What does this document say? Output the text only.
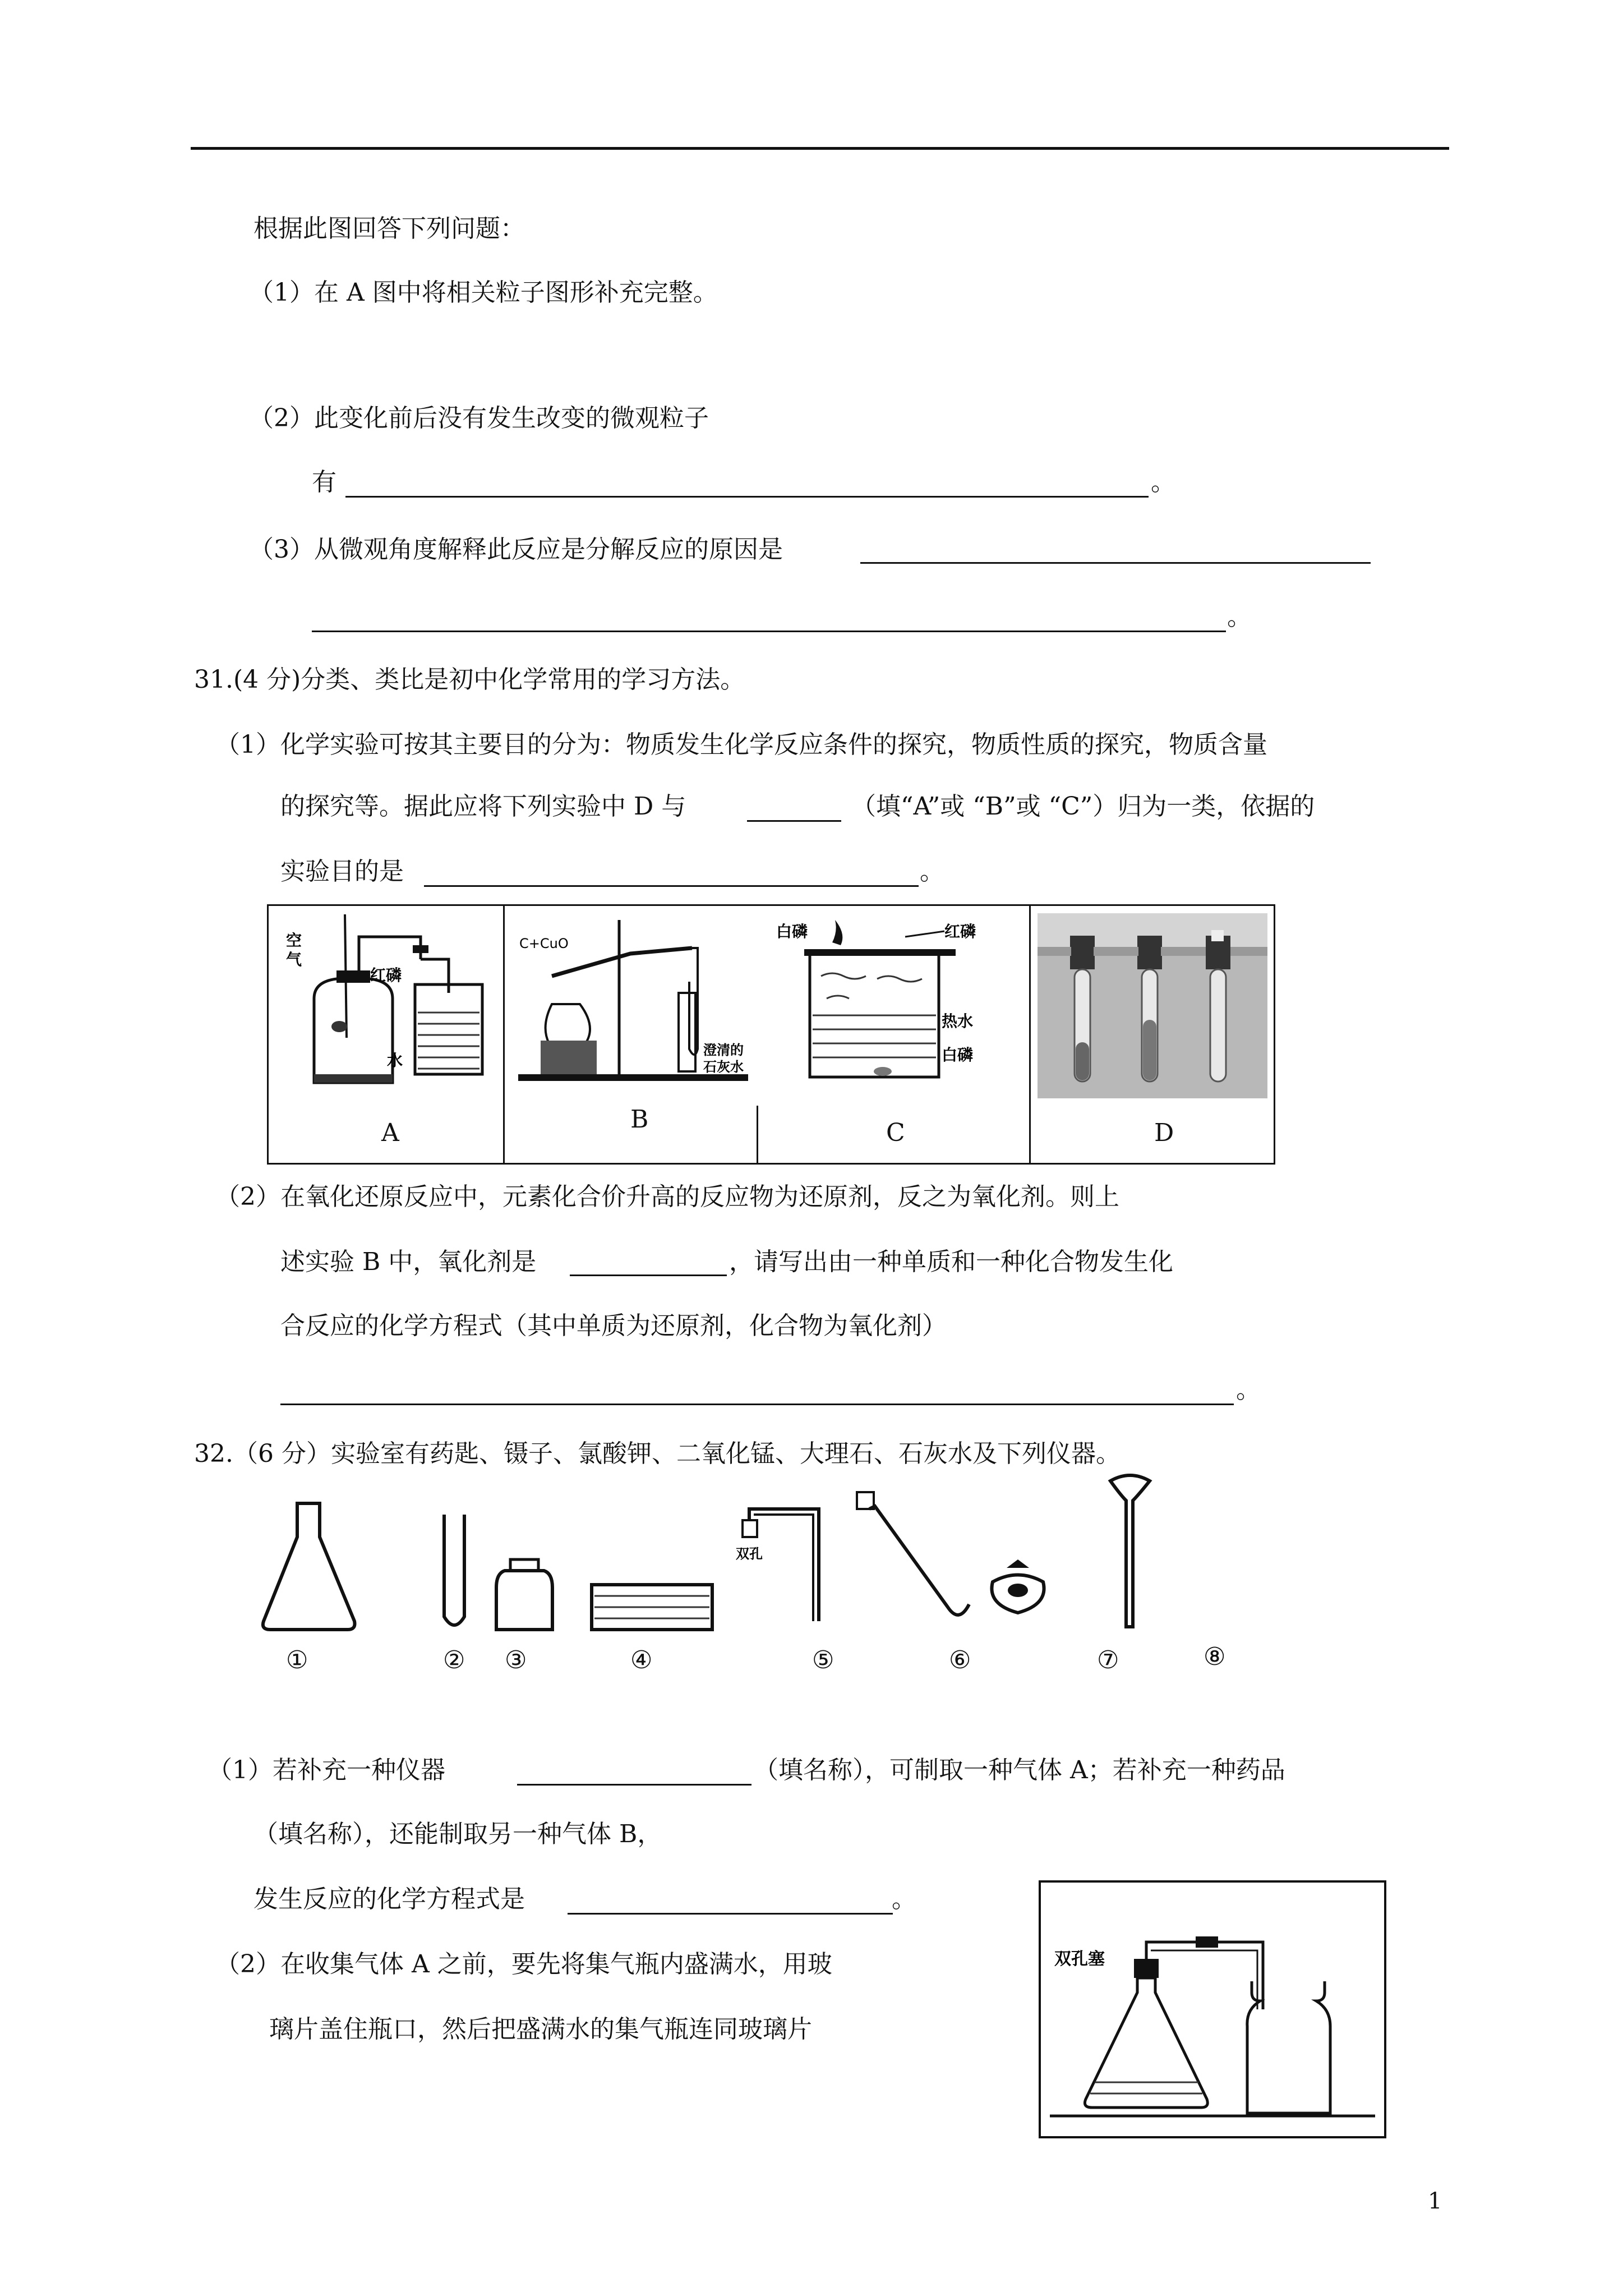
根据此图回答下列问题：
（1）在 A 图中将相关粒子图形补充完整。
（2）此变化前后没有发生改变的微观粒子
有	。
（3）从微观角度解释此反应是分解反应的原因是
。
31.(4 分)分类、类比是初中化学常用的学习方法。
（1）化学实验可按其主要目的分为：物质发生化学反应条件的探究，物质性质的探究，物质含量
的探究等。据此应将下列实验中 D 与	（填“A”或 “B”或 “C”）归为一类，依据的
实验目的是	。
空
气
红磷
水
A
C+CuO
澄清的
石灰水
B
白磷	红磷
热水
白磷
C	D
（2）在氧化还原反应中，元素化合价升高的反应物为还原剂，反之为氧化剂。则上
述实验 B 中，氧化剂是	，请写出由一种单质和一种化合物发生化
合反应的化学方程式（其中单质为还原剂，化合物为氧化剂）
。
32.（6 分）实验室有药匙、镊子、氯酸钾、二氧化锰、大理石、石灰水及下列仪器。
双孔
①	② ③	④	⑤	⑥	⑦	⑧
（1）若补充一种仪器	（填名称），可制取一种气体 A；若补充一种药品
（填名称），还能制取另一种气体 B，
发生反应的化学方程式是	。
（2）在收集气体 A 之前，要先将集气瓶内盛满水，用玻
璃片盖住瓶口，然后把盛满水的集气瓶连同玻璃片
双孔塞
1
